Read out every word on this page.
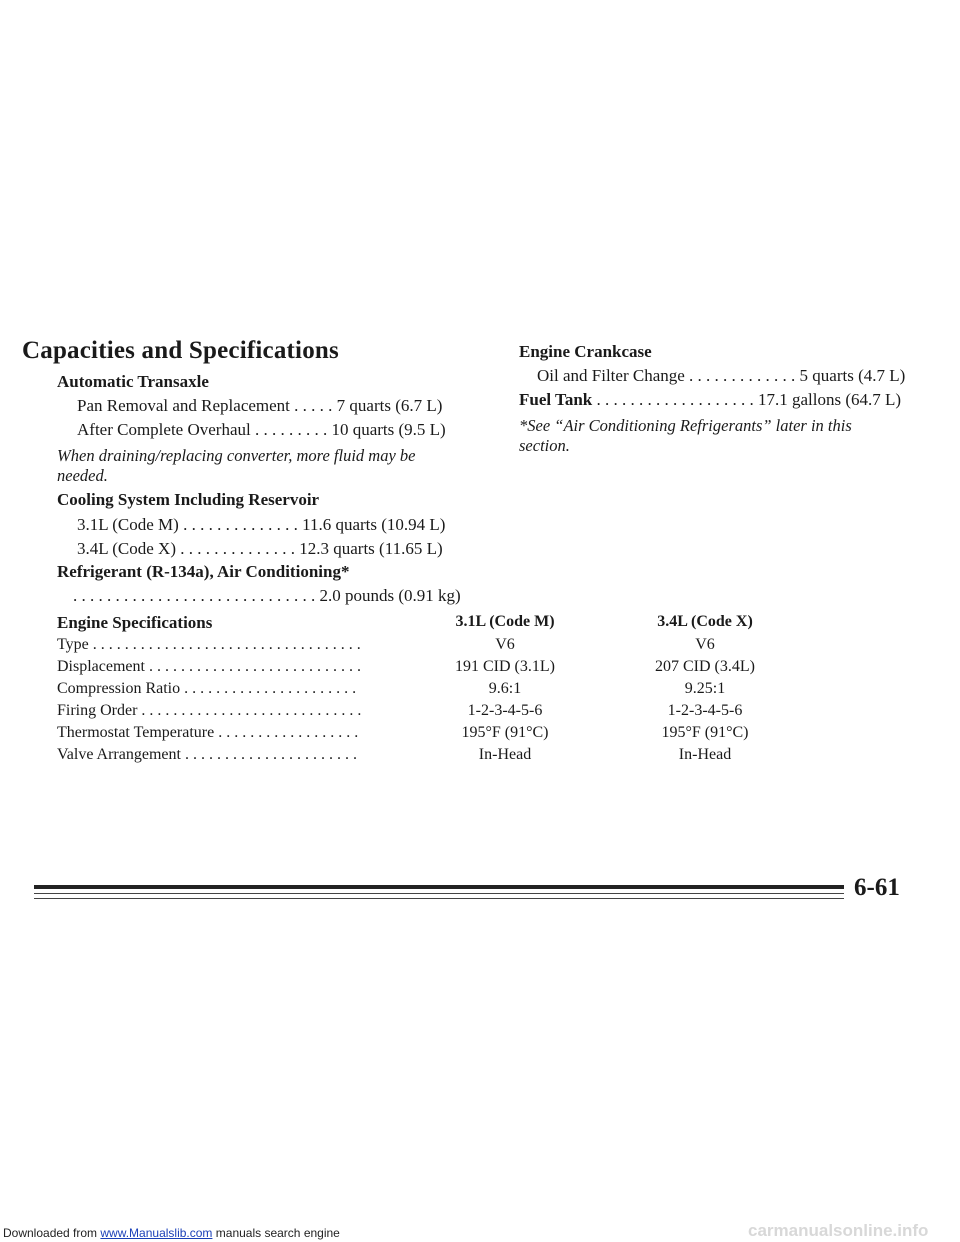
Capacities and Specifications
Automatic Transaxle
Pan Removal and Replacement . . . . . 7 quarts (6.7 L)
After Complete Overhaul . . . . . . . . . 10 quarts (9.5 L)
When draining/replacing converter, more fluid may be
needed.
Cooling System Including Reservoir
3.1L (Code M) . . . . . . . . . . . . . . 11.6 quarts (10.94 L)
3.4L (Code X) . . . . . . . . . . . . . . 12.3 quarts (11.65 L)
Refrigerant (R-134a), Air Conditioning*
. . . . . . . . . . . . . . . . . . . . . . . . . . . . . 2.0 pounds (0.91 kg)
Engine Crankcase
Oil and Filter Change . . . . . . . . . . . . . 5 quarts (4.7 L)
Fuel Tank . . . . . . . . . . . . . . . . . . . 17.1 gallons (64.7 L)
*See “Air Conditioning Refrigerants” later in this
section.
Engine Specifications	3.1L (Code M)	3.4L (Code X)
Type . . . . . . . . . . . . . . . . . . . . . . . . . . . . . . . . . .	V6	V6
Displacement . . . . . . . . . . . . . . . . . . . . . . . . . . .	191 CID (3.1L)	207 CID (3.4L)
Compression Ratio . . . . . . . . . . . . . . . . . . . . . .	9.6:1	9.25:1
Firing Order . . . . . . . . . . . . . . . . . . . . . . . . . . . .	1-2-3-4-5-6	1-2-3-4-5-6
Thermostat Temperature . . . . . . . . . . . . . . . . . .	195°F (91°C)	195°F (91°C)
Valve Arrangement . . . . . . . . . . . . . . . . . . . . . .	In-Head	In-Head
6-61
Downloaded from www.Manualslib.com manuals search engine	carmanualsonline.info
